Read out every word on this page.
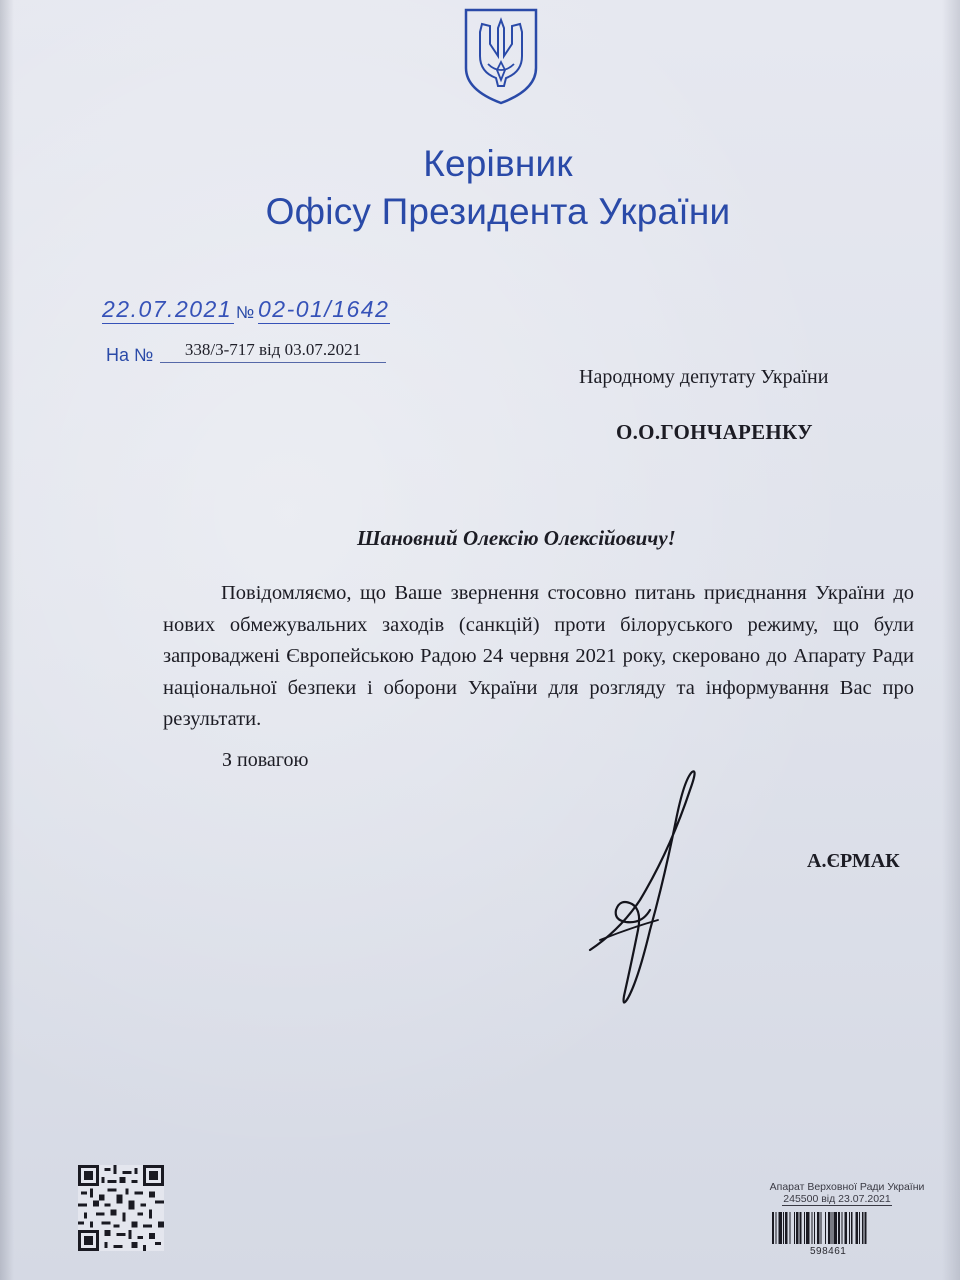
Керівник
Офісу Президента України
22.07.2021 № 02-01/1642
На №	338/3-717 від 03.07.2021
Народному депутату України
О.О.ГОНЧАРЕНКУ
Шановний Олексію Олексійовичу!
Повідомляємо, що Ваше звернення стосовно питань приєднання України до нових обмежувальних заходів (санкцій) проти білоруського режиму, що були запроваджені Європейською Радою 24 червня 2021 року, скеровано до Апарату Ради національної безпеки і оборони України для розгляду та інформування Вас про результати.
З повагою
А.ЄРМАК
Апарат Верховної Ради України
245500 від 23.07.2021
598461
